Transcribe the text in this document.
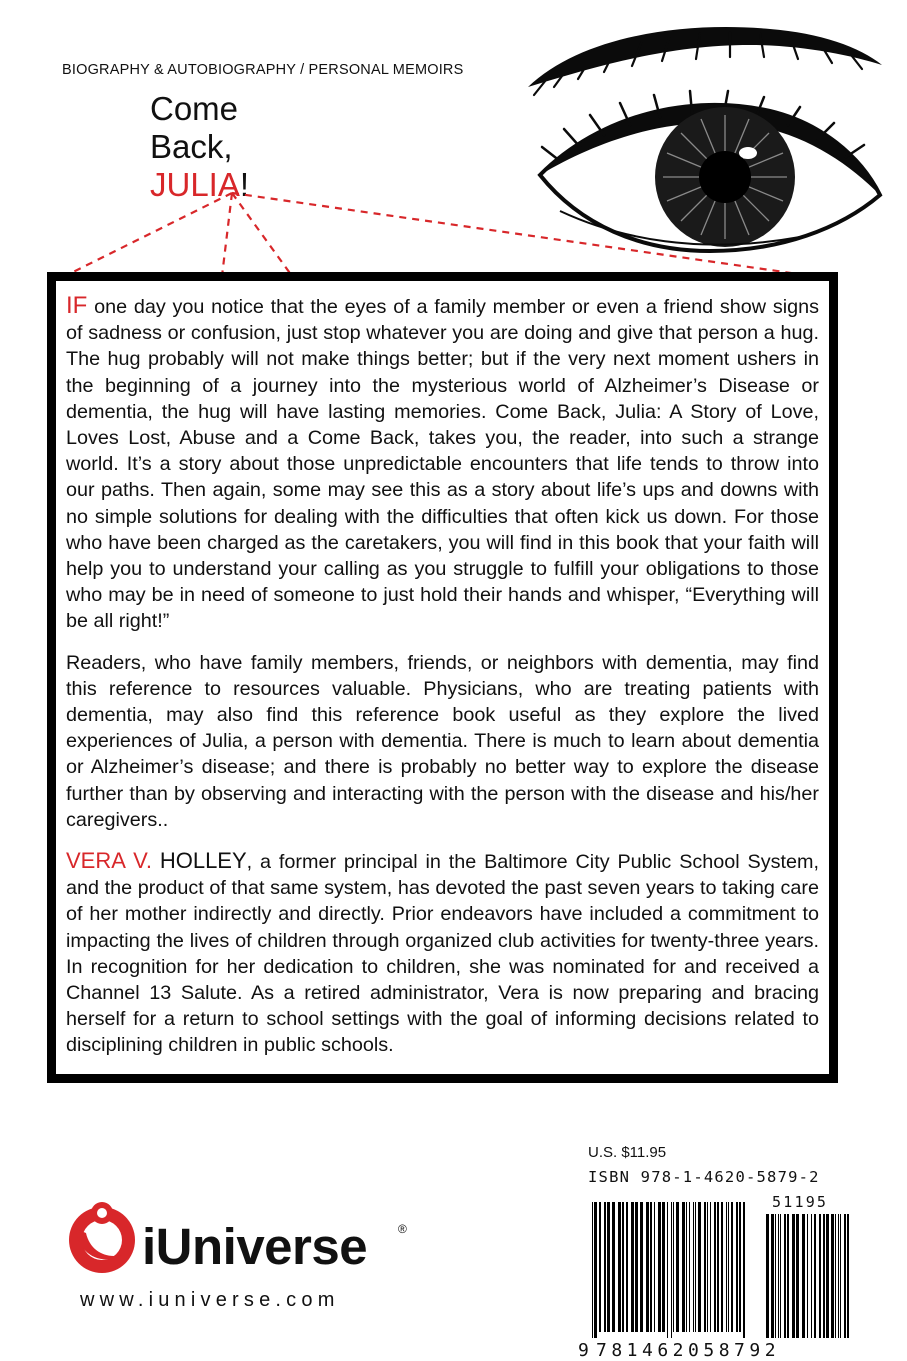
BIOGRAPHY & AUTOBIOGRAPHY / PERSONAL MEMOIRS
Come
Back,
JULIA!

IF one day you notice that the eyes of a family member or even a friend show signs of sadness or confusion, just stop whatever you are doing and give that person a hug. The hug probably will not make things better; but if the very next moment ushers in the beginning of a journey into the mysterious world of Alzheimer’s Disease or dementia, the hug will have lasting memories. Come Back, Julia: A Story of Love, Loves Lost, Abuse and a Come Back, takes you, the reader, into such a strange world. It’s a story about those unpredictable encounters that life tends to throw into our paths. Then again, some may see this as a story about life’s ups and downs with no simple solutions for dealing with the difficulties that often kick us down. For those who have been charged as the caretakers, you will find in this book that your faith will help you to understand your calling as you struggle to fulfill your obligations to those who may be in need of someone to just hold their hands and whisper, “Everything will be all right!”

Readers, who have family members, friends, or neighbors with dementia, may find this reference to resources valuable. Physicians, who are treating patients with dementia, may also find this reference book useful as they explore the lived experiences of Julia, a person with dementia. There is much to learn about dementia or Alzheimer’s disease; and there is probably no better way to explore the disease further than by observing and interacting with the person with the disease and his/her caregivers..

VERA V. HOLLEY, a former principal in the Baltimore City Public School System, and the product of that same system, has devoted the past seven years to taking care of her mother indirectly and directly. Prior endeavors have included a commitment to impacting the lives of children through organized club activities for twenty-three years. In recognition for her dedication to children, she was nominated for and received a Channel 13 Salute. As a retired administrator, Vera is now preparing and bracing herself for a return to school settings with the goal of informing decisions related to disciplining children in public schools.

U.S. $11.95
ISBN 978-1-4620-5879-2
51195
9 781462058792
iUniverse	®
www.iuniverse.com
